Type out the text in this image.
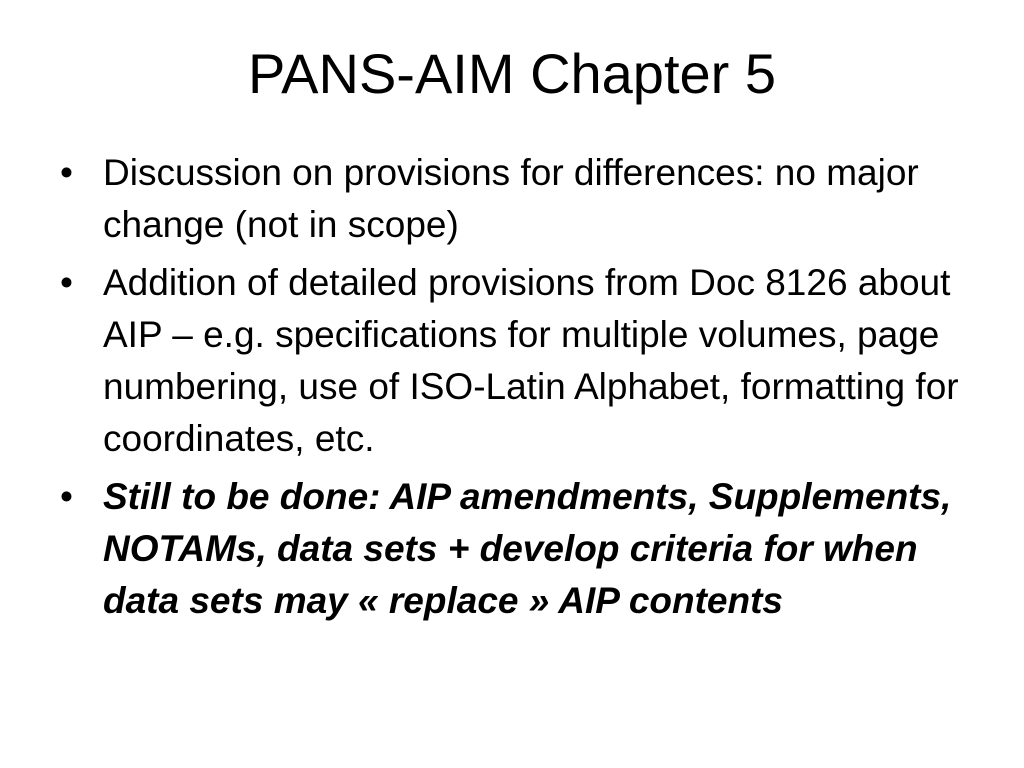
PANS-AIM Chapter 5
• Discussion on provisions for differences: no major change (not in scope)
• Addition of detailed provisions from Doc 8126 about AIP – e.g. specifications for multiple volumes, page numbering, use of ISO-Latin Alphabet, formatting for coordinates, etc.
• Still to be done: AIP amendments, Supplements, NOTAMs, data sets + develop criteria for when data sets may « replace » AIP contents
